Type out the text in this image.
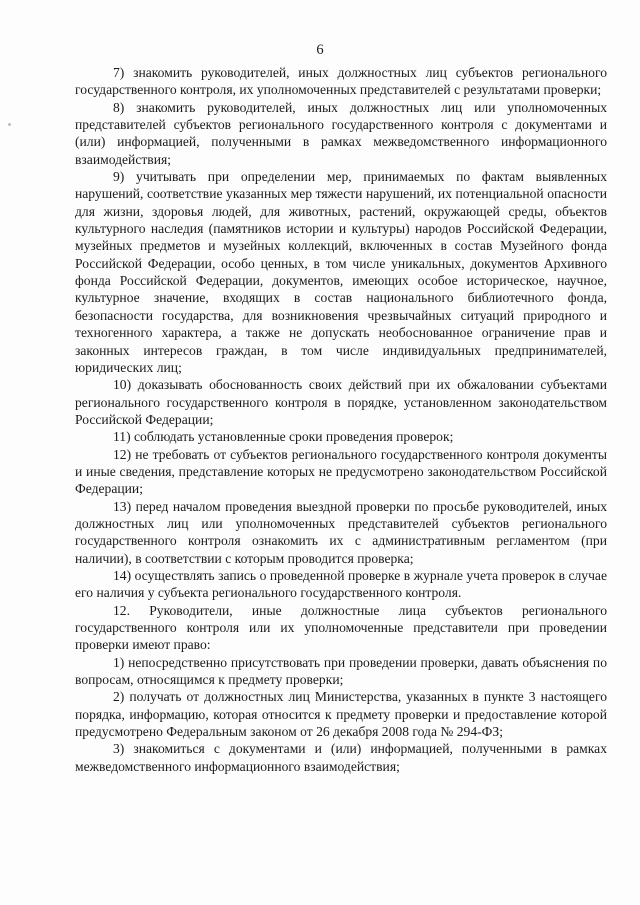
6

7) знакомить руководителей, иных должностных лиц субъектов регионального государственного контроля, их уполномоченных представителей с результатами проверки;

8) знакомить руководителей, иных должностных лиц или уполномоченных представителей субъектов регионального государственного контроля с документами и (или) информацией, полученными в рамках межведомственного информационного взаимодействия;

9) учитывать при определении мер, принимаемых по фактам выявленных нарушений, соответствие указанных мер тяжести нарушений, их потенциальной опасности для жизни, здоровья людей, для животных, растений, окружающей среды, объектов культурного наследия (памятников истории и культуры) народов Российской Федерации, музейных предметов и музейных коллекций, включенных в состав Музейного фонда Российской Федерации, особо ценных, в том числе уникальных, документов Архивного фонда Российской Федерации, документов, имеющих особое историческое, научное, культурное значение, входящих в состав национального библиотечного фонда, безопасности государства, для возникновения чрезвычайных ситуаций природного и техногенного характера, а также не допускать необоснованное ограничение прав и законных интересов граждан, в том числе индивидуальных предпринимателей, юридических лиц;

10) доказывать обоснованность своих действий при их обжаловании субъектами регионального государственного контроля в порядке, установленном законодательством Российской Федерации;

11) соблюдать установленные сроки проведения проверок;

12) не требовать от субъектов регионального государственного контроля документы и иные сведения, представление которых не предусмотрено законодательством Российской Федерации;

13) перед началом проведения выездной проверки по просьбе руководителей, иных должностных лиц или уполномоченных представителей субъектов регионального государственного контроля ознакомить их с административным регламентом (при наличии), в соответствии с которым проводится проверка;

14) осуществлять запись о проведенной проверке в журнале учета проверок в случае его наличия у субъекта регионального государственного контроля.

12. Руководители, иные должностные лица субъектов регионального государственного контроля или их уполномоченные представители при проведении проверки имеют право:

1) непосредственно присутствовать при проведении проверки, давать объяснения по вопросам, относящимся к предмету проверки;

2) получать от должностных лиц Министерства, указанных в пункте 3 настоящего порядка, информацию, которая относится к предмету проверки и предоставление которой предусмотрено Федеральным законом от 26 декабря 2008 года № 294-ФЗ;

3) знакомиться с документами и (или) информацией, полученными в рамках межведомственного информационного взаимодействия;
